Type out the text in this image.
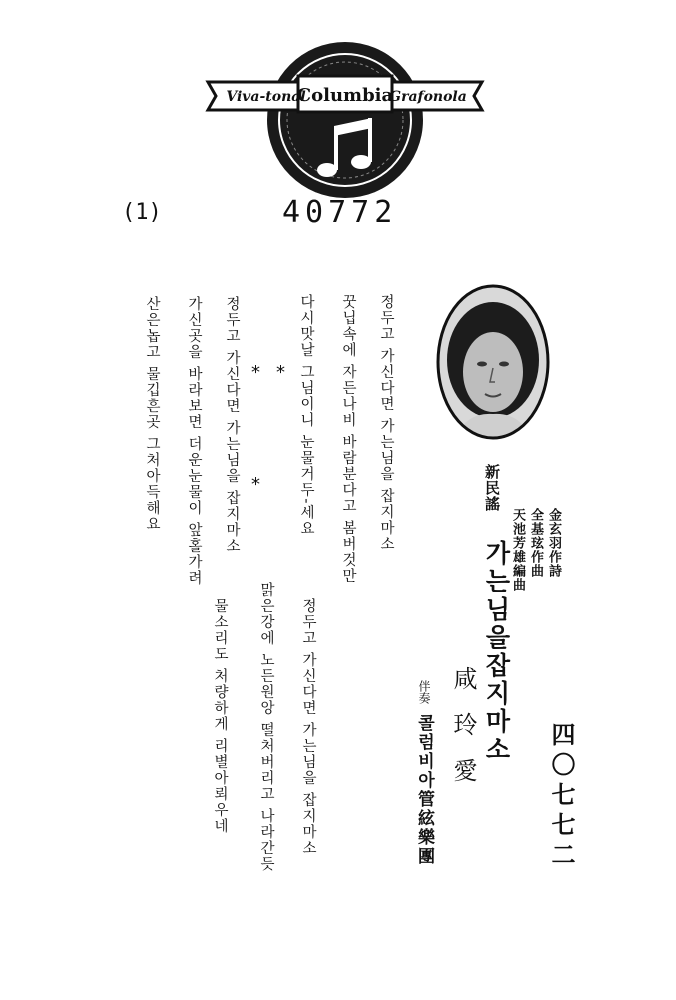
Viva-tonal
Columbia
Grafonola
(1)	40772
정두고 가신다면 가는님을 잡지마소
꿋닙속에 자든나비 바람분다고 봄버것만
다시맛날 그님이니 눈물거두-세요
* *
*
정두고 가신다면 가는님을 잡지마소
가신곳을 바라보면 더운눈물이 앞홀가려
산은놉고 물깁흔곳 그처아득해요
정두고 가신다면 가는님을 잡지마소
맑은강에 노든원앙 떨처버리고 나라간듯
물소리도 처량하게 리별아뢰우네
新民謠
가는님을잡지마소	金玄羽作詩
全基玹作曲
天池芳雄編曲
咸玲愛
伴奏
콜럼비아管絃樂團	四〇七七二
